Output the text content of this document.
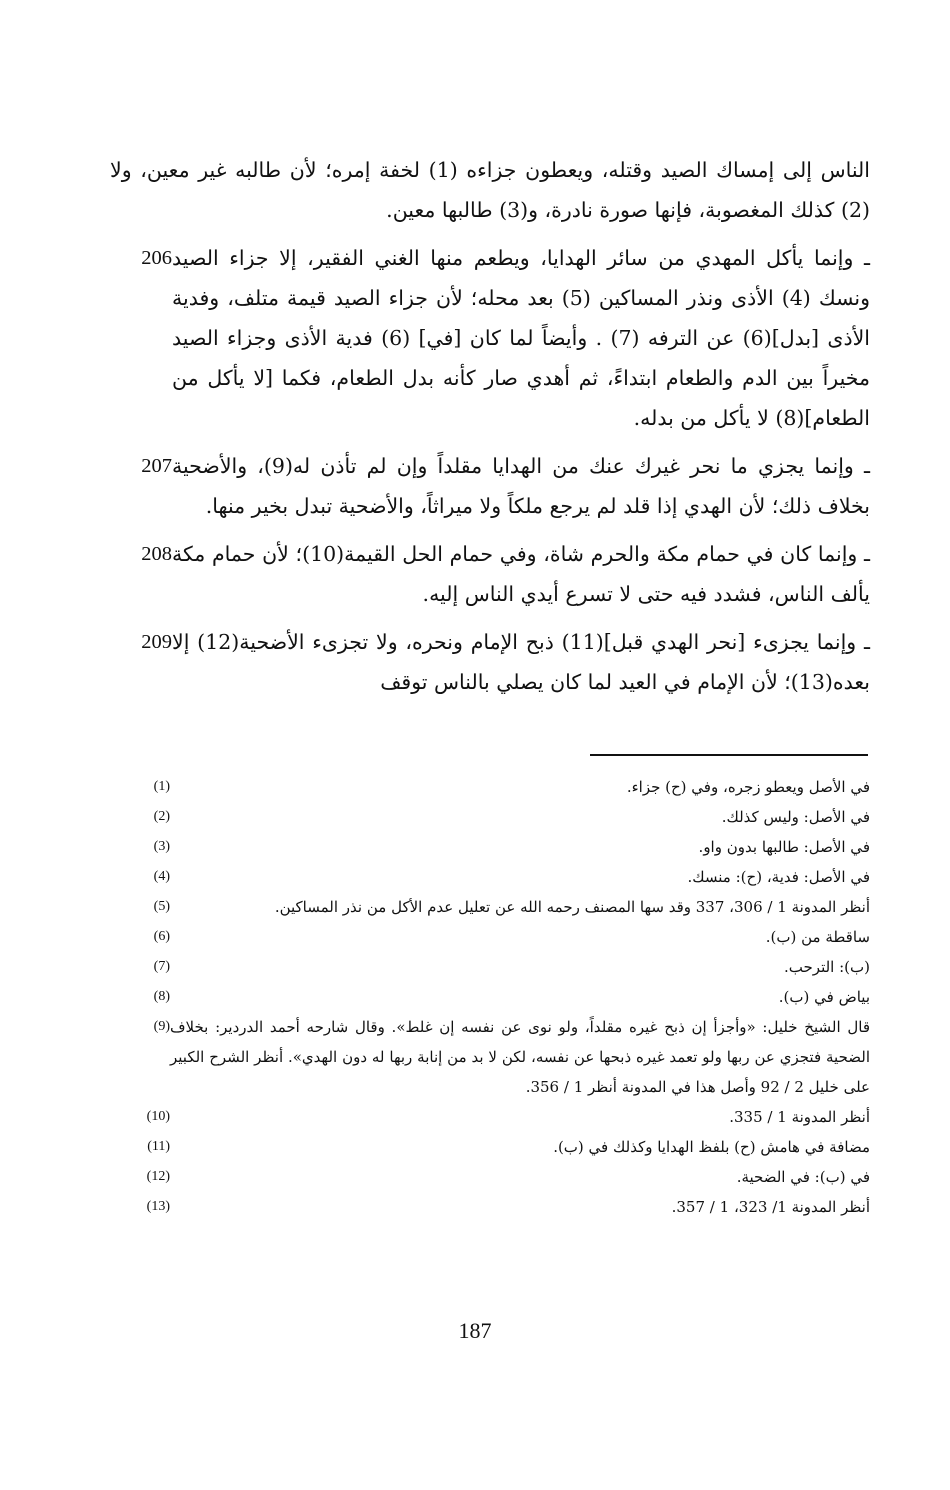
الناس إلى إمساك الصيد وقتله، ويعطون جزاءه (1) لخفة إمره؛ لأن طالبه غير معين، ولا (2) كذلك المغصوبة، فإنها صورة نادرة، و(3) طالبها معين.

ـ وإنما يأكل المهدي من سائر الهدايا، ويطعم منها الغني الفقير، إلا جزاء الصيد ونسك (4) الأذى ونذر المساكين (5) بعد محله؛ لأن جزاء الصيد قيمة متلف، وفدية الأذى [بدل](6) عن الترفه (7) . وأيضاً لما كان [في] (6) فدية الأذى وجزاء الصيد مخيراً بين الدم والطعام ابتداءً، ثم أهدي صار كأنه بدل الطعام، فكما [لا يأكل من الطعام](8) لا يأكل من بدله.
206
ـ وإنما يجزي ما نحر غيرك عنك من الهدايا مقلداً وإن لم تأذن له(9)، والأضحية بخلاف ذلك؛ لأن الهدي إذا قلد لم يرجع ملكاً ولا ميراثاً، والأضحية تبدل بخير منها.
207
ـ وإنما كان في حمام مكة والحرم شاة، وفي حمام الحل القيمة(10)؛ لأن حمام مكة يألف الناس، فشدد فيه حتى لا تسرع أيدي الناس إليه.
208
ـ وإنما يجزىء [نحر الهدي قبل](11) ذبح الإمام ونحره، ولا تجزىء الأضحية(12) إلا بعده(13)؛ لأن الإمام في العيد لما كان يصلي بالناس توقف
209
في الأصل ويعطو زجره، وفي (ح) جزاء.
(1)
في الأصل: وليس كذلك.
(2)
في الأصل: طالبها بدون واو.
(3)
في الأصل: فدية، (ح): منسك.
(4)
أنظر المدونة 1 / 306، 337 وقد سها المصنف رحمه الله عن تعليل عدم الأكل من نذر المساكين.
(5)
ساقطة من (ب).
(6)
(ب): الترحب.
(7)
بياض في (ب).
(8)
قال الشيخ خليل: «وأجزأ إن ذبح غيره مقلداً، ولو نوى عن نفسه إن غلط». وقال شارحه أحمد الدردير: بخلاف الضحية فتجزي عن ربها ولو تعمد غيره ذبحها عن نفسه، لكن لا بد من إنابة ربها له دون الهدي». أنظر الشرح الكبير على خليل 2 / 92 وأصل هذا في المدونة أنظر 1 / 356.
(9)
أنظر المدونة 1 / 335.
(10)
مضافة في هامش (ح) بلفظ الهدايا وكذلك في (ب).
(11)
في (ب): في الضحية.
(12)
أنظر المدونة 1/ 323، 1 / 357.
(13)
187
